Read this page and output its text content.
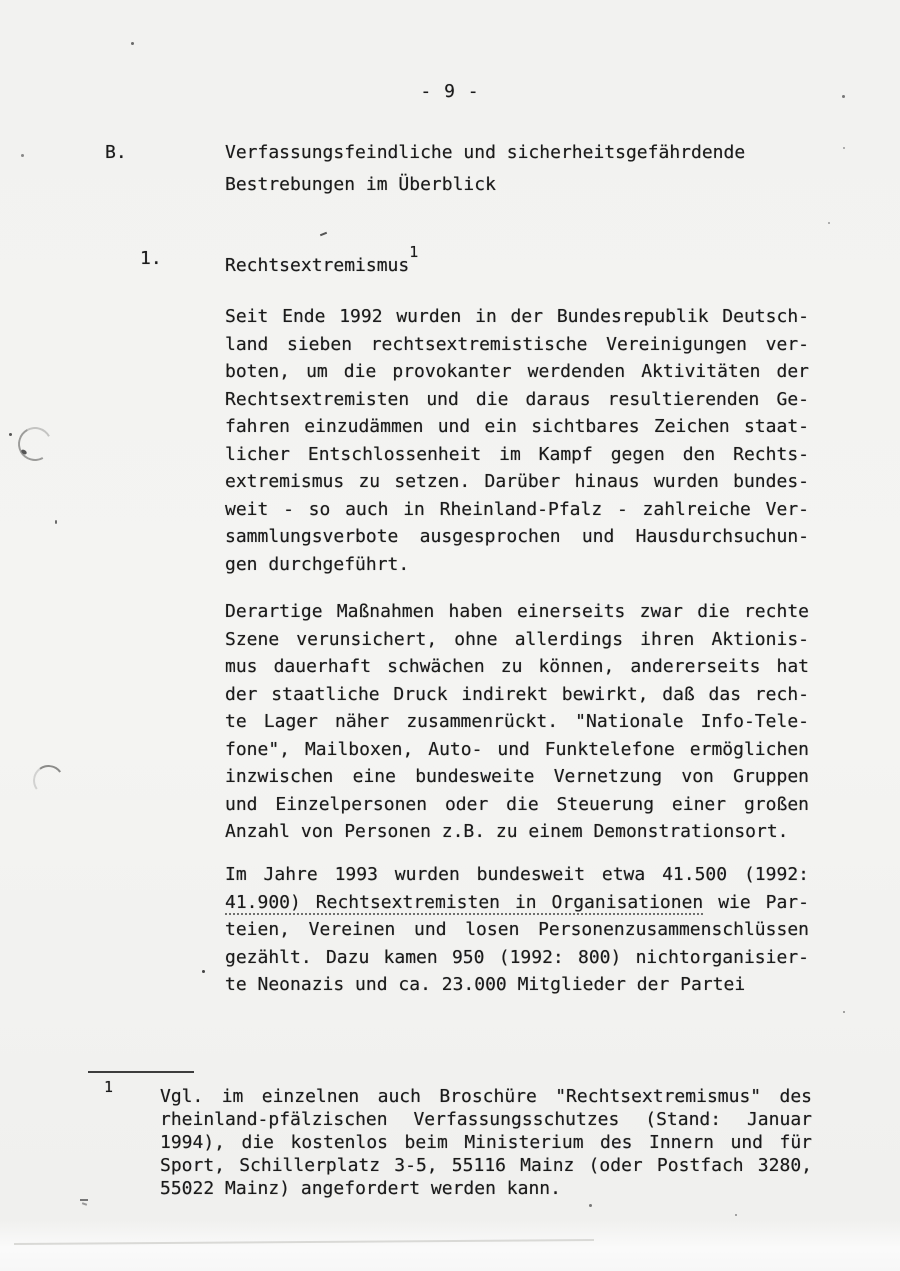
- 9 -
B.	Verfassungsfeindliche und sicherheitsgefährdende
Bestrebungen im Überblick
1.	Rechtsextremismus$^1$
Seit Ende 1992 wurden in der Bundesrepublik Deutsch-
land sieben rechtsextremistische Vereinigungen ver-
boten, um die provokanter werdenden Aktivitäten der
Rechtsextremisten und die daraus resultierenden Ge-
fahren einzudämmen und ein sichtbares Zeichen staat-
licher Entschlossenheit im Kampf gegen den Rechts-
extremismus zu setzen. Darüber hinaus wurden bundes-
weit - so auch in Rheinland-Pfalz - zahlreiche Ver-
sammlungsverbote ausgesprochen und Hausdurchsuchun-
gen durchgeführt.
Derartige Maßnahmen haben einerseits zwar die rechte
Szene verunsichert, ohne allerdings ihren Aktionis-
mus dauerhaft schwächen zu können, andererseits hat
der staatliche Druck indirekt bewirkt, daß das rech-
te Lager näher zusammenrückt. "Nationale Info-Tele-
fone", Mailboxen, Auto- und Funktelefone ermöglichen
inzwischen eine bundesweite Vernetzung von Gruppen
und Einzelpersonen oder die Steuerung einer großen
Anzahl von Personen z.B. zu einem Demonstrationsort.
Im Jahre 1993 wurden bundesweit etwa 41.500 (1992:
41.900) Rechtsextremisten in Organisationen wie Par-
teien, Vereinen und losen Personenzusammenschlüssen
gezählt. Dazu kamen 950 (1992: 800) nichtorganisier-
te Neonazis und ca. 23.000 Mitglieder der Partei
1	Vgl. im einzelnen auch Broschüre "Rechtsextremismus" des
rheinland-pfälzischen Verfassungsschutzes (Stand: Januar
1994), die kostenlos beim Ministerium des Innern und für
Sport, Schillerplatz 3-5, 55116 Mainz (oder Postfach 3280,
55022 Mainz) angefordert werden kann.
